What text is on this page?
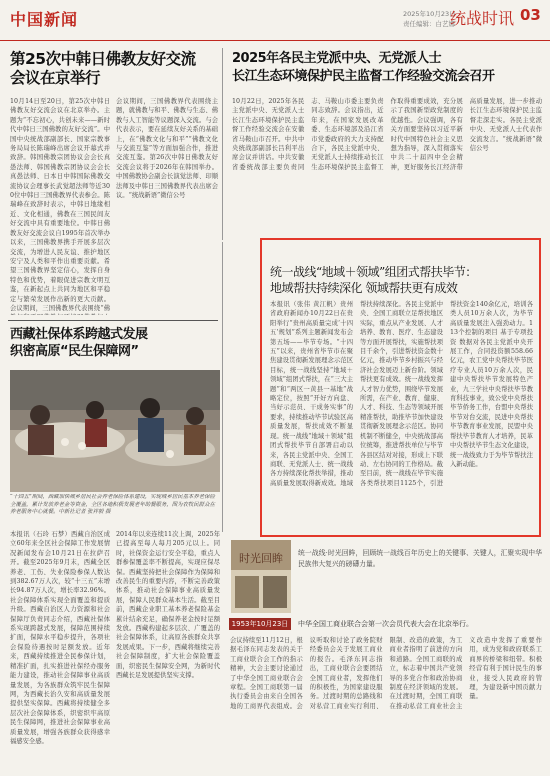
中国新闻	2025年10月23日
责任编辑：白艺娜
统战时讯 03
第25次中韩日佛教友好交流
会议在京举行
10月14日至20日，第25次中韩日佛教友好交流会议在北京举办。主题为“不忘初心，共创未来——新时代中韩日三国佛教的友好交流”。中国中央统战部副部长、国家宗教事务局局长陈瑞峰出席会议开幕式并致辞。韩国佛教宗团协议会会长真愚法师、韩国佛教宗团协议会会长真愚法师、日本日中韩国际佛教交流协议会理事长武觉超法师等近300位中韩日三国佛教界代表参会。陈瑞峰在致辞时表示，中韩日地缘相近、文化相通，佛教在三国民间友好交流中具有重要地位。中韩日佛教友好交流会议自1995年首次举办以来，三国佛教界携手开展多层次交流，为增进人民友谊、推护地区安宁及人类和平作出重要贡献。希望三国佛教界坚定信心，发挥自身特色和优势，着眼促进宗教文明互鉴，在新起点上共同为地区和平稳定与繁荣发展作出新的更大贡献。会议期间，三国佛教界代表围绕“佛
会议期间，三国佛教界代表围绕主题，就佛教与和平、佛教与生态、佛教与人工智能等议题深入交流。与会代表表示，要在延续友好关系的基础上，在“佛教文化与和平”“佛教文化与交流互鉴”等方面加强合作，推进交流互鉴。第26次中韩日佛教友好交流会议将于2026年在韩国举办。中国佛教协会副会长演觉法师、印顺法师及中韩日三国佛教界代表出席会议。“统战新语”微信公号
2025年各民主党派中央、无党派人士
长江生态环境保护民主监督工作经验交流会召开
10月22日，2025年各民主党派中央、无党派人士长江生态环境保护民主监督工作经验交流会在安徽省马鞍山市召开。中共中央统战部副部长吕利平出席会议并讲话。中共安徽省委统战部主要负责同志、马鞍山市委主要负责同志致辞。会议指出，近年来，在国家发展改革委、生态环境部及沿江省市党委政府的大力支持配合下，各民主党派中央、无党派人士持续推动长江生态环境保护民主监督工作取得重要成效，充分展示了我国新型政党制度的优越性。会议强调，各有关方面要坚持以习近平新时代中国特色社会主义思想为指导，深入贯彻落实中共二十届四中全会精神，更好服务长江经济带高质量发展，进一步推动长江生态环境保护民主监督走深走实。各民主党派中央、无党派人士代表作交流发言。“统战新语”微信公号
西藏社保体系跨越式发展
织密高原“民生保障网”
“十四五”期间，西藏加快城乡居民社会养老保险体系建设，实现城乡居民基本养老保险全覆盖，累计发放养老金等资金，全区各地积极发展老年助餐服务，图为农牧民群众在养老服务中心就餐。中新社记者 张祥毅 摄
本报讯（石玲 石梦）西藏自治区成立60年来全区社会保障工作发展情况新闻发布会10月21日在拉萨召开。截至2025年9月末，西藏全区养老、工伤、失业保险参保人数达到382.67万人次，较“十三五”末增长94.87万人次，增长率32.96%。社会保障体系实现全面覆盖和提质升级。西藏自治区人力资源和社会保障厅负责同志介绍，西藏社保体系实现跨越式发展，保障范围持续扩面，保障水平稳步提升，各项社会保险待遇按时足额发放。近年来，西藏持续推进全民参保计划，精准扩面，扎实推进社保经办服务能力建设，推动社会保障事业高质量发展，为各族群众筑牢民生保障网，为西藏长治久安和高质量发展提供坚实保障。西藏将持续健全多层次社会保障体系，织密织牢高原民生保障网，推进社会保障事业高质量发展，增强各族群众获得感幸福感安全感。
2014年以来连续11次上调，2025年已提高至每人每月205元以上。同时，社保资金运行安全平稳，重点人群参保覆盖率不断提高，实现应保尽保。西藏坚持把社会保障作为保障和改善民生的重要内容，不断完善政策体系，推动社会保障事业高质量发展，保障人民群众基本生活。截至目前，西藏企业职工基本养老保险基金累计结余充足，确保养老金按时足额发放。西藏构建起多层次、广覆盖的社会保障体系，让高原各族群众共享发展成果。下一步，西藏将继续完善社会保障制度，扩大社会保险覆盖面，织密民生保障安全网，为新时代西藏长足发展提供坚实支撑。
统一战线“地域＋领域”组团式帮扶毕节：
地域帮扶持续深化 领域帮扶更有成效
本报讯（张伟 黄江帆）贵州省政府新闻办10月22日在贵阳举行“贵州高质量完成‘十四五’规划”系列主题新闻发布会第五场——毕节专场。“十四五”以来，贵州省毕节市在聚焦建设贯彻新发展理念示范区目标，统一战线坚持“地域＋领域”组团式帮扶，在“三大主题”和“两区一黄县一基地”战略定位，按照“开好方向盘、当好示范员、干成务实事”的要求，持续推动毕节试验区高质量发展，帮扶成效不断显现。统一战线“地域＋领域”组团式帮扶毕节自部署启动以来，各民主党派中央、全国工商联、无党派人士、统一战线各方持续深化帮扶举措，推动高质量发展取得新成效。地域帮扶持续深化。各民主党派中央、全国工商联立足帮扶地区实际，重点从产业发展、人才培养、教育、医疗、生态建设等方面开展帮扶，实施帮扶项目千余个，引进帮扶资金数十亿元，推动毕节乡村振兴与经济社会发展迈上新台阶。领域帮扶更有成效。统一战线发挥人才智力优势，围绕毕节发展所需，在产业、教育、健康、人才、科技、生态等领域开展精准帮扶，助推毕节加快建设贯彻新发展理念示范区。协同机制不断健全，中央统战部高位统筹，推进帮扶单位与毕节各县区结对对接，形成上下联动、左右协同的工作格局。截至目前，统一战线在毕节实施各类帮扶项目1125个，引进帮扶资金140余亿元，培训各类人员10万余人次，为毕节高质量发展注入强劲动力。113个控制的项目 基于专项投资 数据对各民主党派中央开展工作，合同投资额558.66亿元，农工党中央帮扶毕节医疗专业人员10万余人次，民建中央帮扶毕节发展特色产业，九三学社中央帮扶毕节教育科技事业，致公党中央帮扶毕节侨务工作，台盟中央帮扶毕节对台交流，民进中央帮扶毕节教育事业发展，民盟中央帮扶毕节教育人才培养，民革中央帮扶毕节生态文化建设，统一战线致力于为毕节帮扶注入新动能。
时光回眸 统一战线·时光回眸，回顾统一战线百年历史上的关键事、关键人，汇聚实现中华民族伟大复兴的磅礴力量。
1953年10月23日	中华全国工商业联合会第一次会员代表大会在北京举行。
会议持续至11月12日，根据毛泽东同志发表的关于工商业联合会工作的指示精神，大会主要讨论通过了中华全国工商业联合会章程。全国工商联第一届执行委员会由来自全国各地的工商界代表组成。会议听取和讨论了政务院财经委员会关于发展工商业的报告。毛泽东同志指出，工商业联合会要团结全国工商业者，发挥他们的积极性，为国家建设服务。过渡时期的总路线和对私营工商业实行利用、限制、改造的政策，为工商业者指明了前进的方向和道路。全国工商联的成立，标志着中国共产党领导的多党合作和政治协商制度在经济领域的发展。在过渡时期，全国工商联在推动私营工商业社会主义改造中发挥了重要作用，成为党和政府联系工商界的桥梁和纽带。积极经营有利于国计民生的事业，接受人民政府的管理，为建设新中国贡献力量。
